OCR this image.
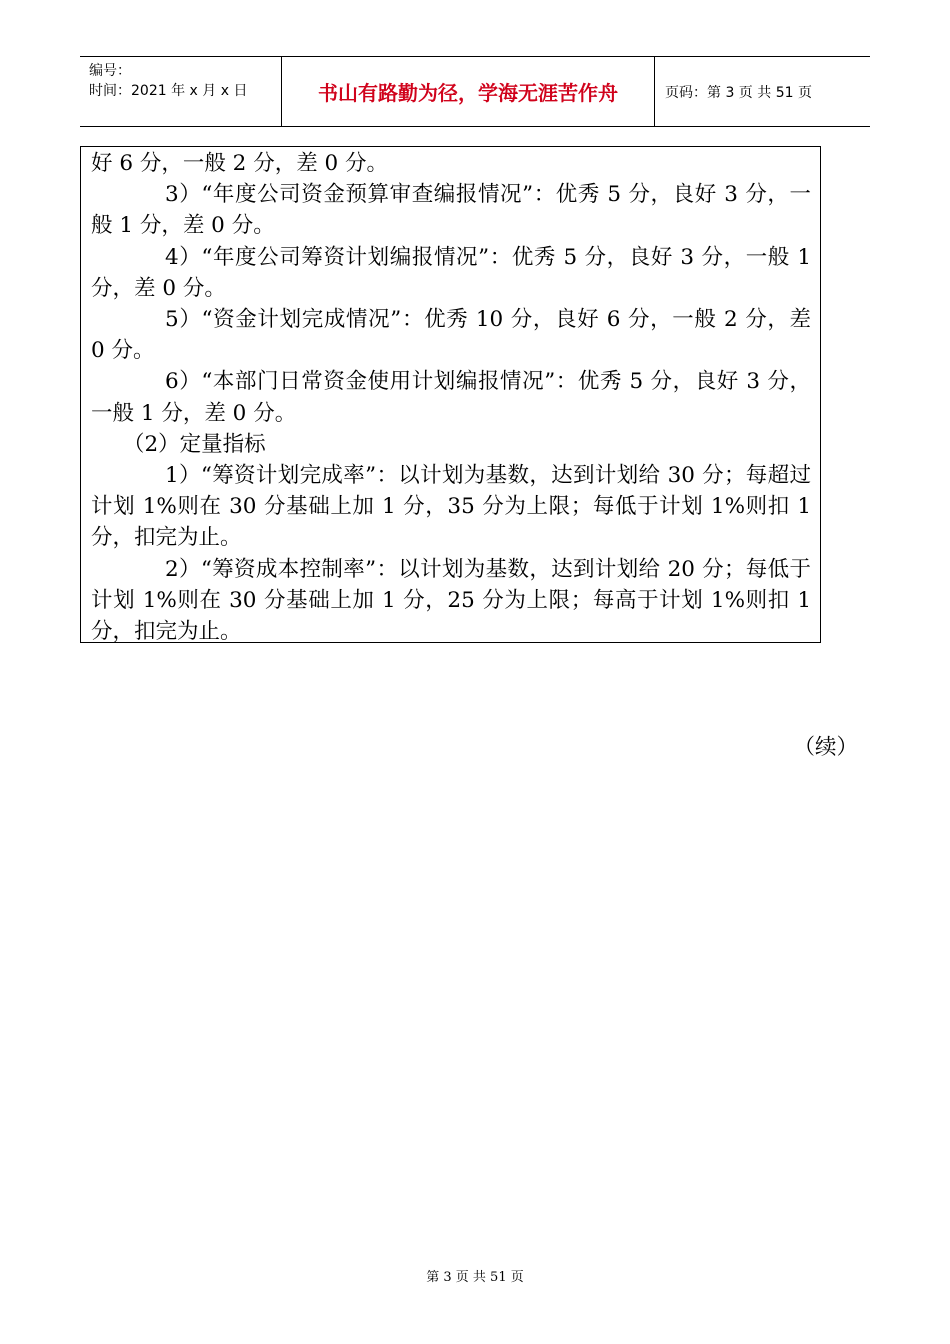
编号：
时间：2021 年 x 月 x 日	书山有路勤为径，学海无涯苦作舟	页码：第 3 页 共 51 页

好 6 分，一般 2 分，差 0 分。

3）“年度公司资金预算审查编报情况”：优秀 5 分，良好 3 分，一般 1 分，差 0 分。

4）“年度公司筹资计划编报情况”：优秀 5 分，良好 3 分，一般 1 分，差 0 分。

5）“资金计划完成情况”：优秀 10 分，良好 6 分，一般 2 分，差 0 分。

6）“本部门日常资金使用计划编报情况”：优秀 5 分，良好 3 分，一般 1 分，差 0 分。

（2）定量指标

1）“筹资计划完成率”：以计划为基数，达到计划给 30 分；每超过计划 1%则在 30 分基础上加 1 分，35 分为上限；每低于计划 1%则扣 1 分，扣完为止。

2）“筹资成本控制率”：以计划为基数，达到计划给 20 分；每低于计划 1%则在 30 分基础上加 1 分，25 分为上限；每高于计划 1%则扣 1 分，扣完为止。

（续）
第 3 页 共 51 页
